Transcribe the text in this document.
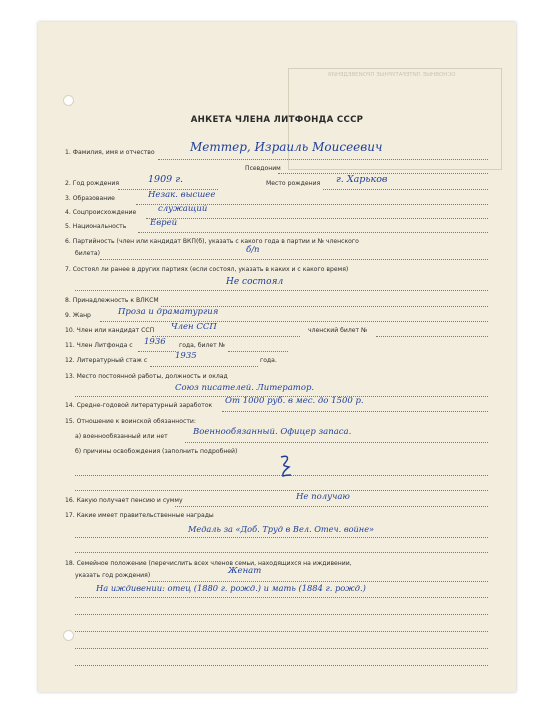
ОСНОВНЫЕ ЛИТЕРАТУРНЫЕ ПРОИЗВЕДЕНИЯ
АНКЕТА ЧЛЕНА ЛИТФОНДА СССР
1. Фамилия, имя и отчество	Меттер, Израиль Моисеевич
Псевдоним
2. Год рождения	1909 г.	Место рождения г. Харьков
3. Образование	Незак. высшее
4. Соцпроисхождение	служащий
5. Национальность	Еврей
6. Партийность (член или кандидат ВКП(б), указать с какого года в партии и № членского
билета)	б/п
7. Состоял ли ранее в других партиях (если состоял, указать в каких и с какого время)
Не состоял
8. Принадлежность к ВЛКСМ
9. Жанр	Проза и драматургия
10. Член или кандидат ССП Член ССП	членский билет №
11. Член Литфонда с 1936 года, билет №
12. Литературный стаж с	1935	года.
13. Место постоянной работы, должность и оклад
Союз писателей. Литератор.
14. Средне-годовой литературный заработок От 1000 руб. в мес. до 1500 р.
15. Отношение к воинской обязанности:
а) военнообязанный или нет	Военнообязанный. Офицер запаса.
б) причины освобождения (заполнить подробней)
16. Какую получает пенсию и сумму	Не получаю
17. Какие имеет правительственные награды
Медаль за «Доб. Труд в Вел. Отеч. войне»
18. Семейное положение (перечислить всех членов семьи, находящихся на иждивении,
указать год рождения)	Женат
На иждивении: отец (1880 г. рожд.) и мать (1884 г. рожд.)
